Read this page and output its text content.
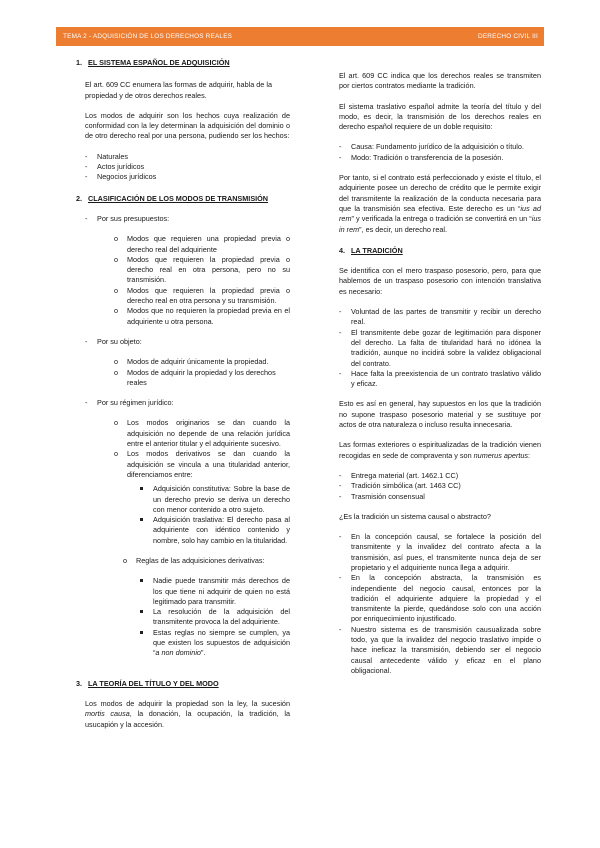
TEMA 2 - ADQUISICIÓN DE LOS DERECHOS REALES	DERECHO CIVIL III
1. EL SISTEMA ESPAÑOL DE ADQUISICIÓN

El art. 609 CC enumera las formas de adquirir, habla de la propiedad y de otros derechos reales.

Los modos de adquirir son los hechos cuya realización de conformidad con la ley determinan la adquisición del dominio o de otro derecho real por una persona, pudiendo ser los hechos:

- Naturales
- Actos jurídicos
- Negocios jurídicos
2. CLASIFICACIÓN DE LOS MODOS DE TRANSMISIÓN
- Por sus presupuestos:
o Modos que requieren una propiedad previa o derecho real del adquiriente
o Modos que requieren la propiedad previa o derecho real en otra persona, pero no su transmisión.
o Modos que requieren la propiedad previa o derecho real en otra persona y su transmisión.
o Modos que no requieren la propiedad previa en el adquiriente u otra persona.
- Por su objeto:
o Modos de adquirir únicamente la propiedad.
o Modos de adquirir la propiedad y los derechos reales
- Por su régimen jurídico:
o Los modos originarios se dan cuando la adquisición no depende de una relación jurídica entre el anterior titular y el adquiriente sucesivo.
o Los modos derivativos se dan cuando la adquisición se vincula a una titularidad anterior, diferenciamos entre:
Adquisición constitutiva: Sobre la base de un derecho previo se deriva un derecho con menor contenido a otro sujeto.
Adquisición traslativa: El derecho pasa al adquiriente con idéntico contenido y nombre, solo hay cambio en la titularidad.
o Reglas de las adquisiciones derivativas:
Nadie puede transmitir más derechos de los que tiene ni adquirir de quien no está legitimado para transmitir.
La resolución de la adquisición del transmitente provoca la del adquiriente.
Estas reglas no siempre se cumplen, ya que existen los supuestos de adquisición “a non dominio”.
3. LA TEORÍA DEL TÍTULO Y DEL MODO

Los modos de adquirir la propiedad son la ley, la sucesión mortis causa, la donación, la ocupación, la tradición, la usucapión y la accesión.

El art. 609 CC indica que los derechos reales se transmiten por ciertos contratos mediante la tradición.

El sistema traslativo español admite la teoría del título y del modo, es decir, la transmisión de los derechos reales en derecho español requiere de un doble requisito:

- Causa: Fundamento jurídico de la adquisición o título.
- Modo: Tradición o transferencia de la posesión.

Por tanto, si el contrato está perfeccionado y existe el título, el adquiriente posee un derecho de crédito que le permite exigir del transmitente la realización de la conducta necesaria para que la transmisión sea efectiva. Este derecho es un “ius ad rem” y verificada la entrega o tradición se convertirá en un “ius in rem”, es decir, un derecho real.

4. LA TRADICIÓN

Se identifica con el mero traspaso posesorio, pero, para que hablemos de un traspaso posesorio con intención translativa es necesario:

- Voluntad de las partes de transmitir y recibir un derecho real.
- El transmitente debe gozar de legitimación para disponer del derecho. La falta de titularidad hará no idónea la tradición, aunque no incidirá sobre la validez obligacional del contrato.
- Hace falta la preexistencia de un contrato traslativo válido y eficaz.

Esto es así en general, hay supuestos en los que la tradición no supone traspaso posesorio material y se sustituye por actos de otra naturaleza o incluso resulta innecesaria.

Las formas exteriores o espiritualizadas de la tradición vienen recogidas en sede de compraventa y son numerus apertus:

- Entrega material (art. 1462.1 CC)
- Tradición simbólica (art. 1463 CC)
- Trasmisión consensual

¿Es la tradición un sistema causal o abstracto?

- En la concepción causal, se fortalece la posición del transmitente y la invalidez del contrato afecta a la transmisión, así pues, el transmitente nunca deja de ser propietario y el adquiriente nunca llega a adquirir.
- En la concepción abstracta, la transmisión es independiente del negocio causal, entonces por la tradición el adquiriente adquiere la propiedad y el transmitente la pierde, quedándose solo con una acción por enriquecimiento injustificado.
- Nuestro sistema es de transmisión causualizada sobre todo, ya que la invalidez del negocio traslativo impide o hace ineficaz la transmisión, debiendo ser el negocio causal antecedente válido y eficaz en el plano obligacional.
